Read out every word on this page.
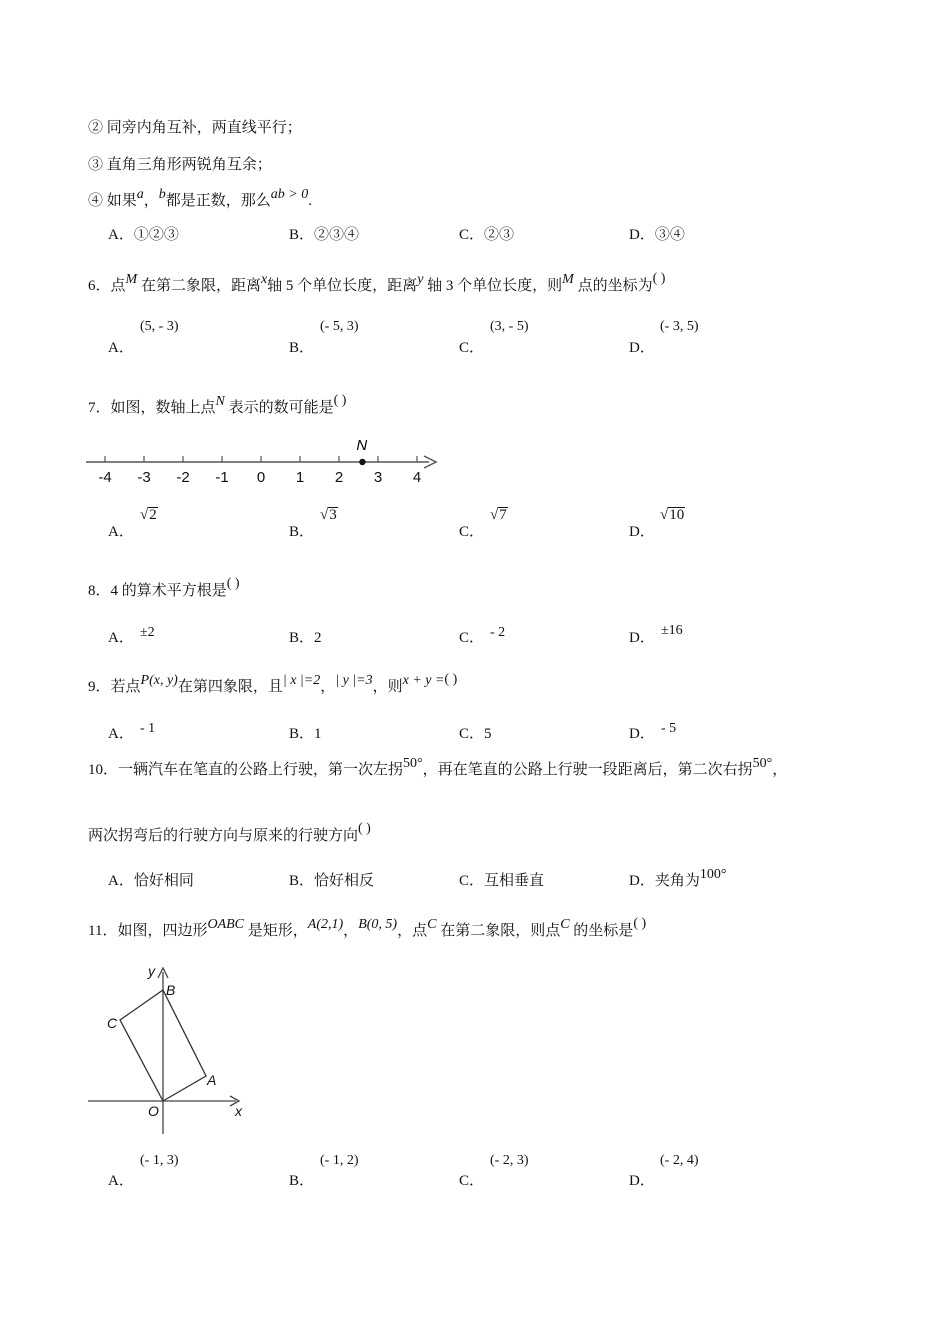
② 同旁内角互补，两直线平行；
③ 直角三角形两锐角互余；
④ 如果a，b都是正数，那么ab > 0.
A．①②③	B．②③④	C．②③	D．③④
6．点M 在第二象限，距离x轴 5 个单位长度，距离y 轴 3 个单位长度，则M 点的坐标为( )
(5, - 3)
A．
(- 5, 3)
B．
(3, - 5)
C．
(- 3, 5)
D．
7．如图，数轴上点N 表示的数可能是( )
-4 -3 -2 -1 0 1 2 3 4
N
√2
A．
√3
B．
√7
C．
√10
D．
8．4 的算术平方根是( )
A． ±2	B．2	C． - 2	D． ±16
9．若点P(x, y)在第四象限，且| x |=2，| y |=3，则x + y =( )
A． - 1	B．1	C．5	D． - 5
10．一辆汽车在笔直的公路上行驶，第一次左拐50°，再在笔直的公路上行驶一段距离后，第二次右拐50°，
两次拐弯后的行驶方向与原来的行驶方向( )
A．恰好相同	B．恰好相反	C．互相垂直	D．夹角为100°
11．如图，四边形OABC 是矩形，A(2,1)，B(0, 5)，点C 在第二象限，则点C 的坐标是( )
y
B
C
A
O	x
(- 1, 3)
A．
(- 1, 2)
B．
(- 2, 3)
C．
(- 2, 4)
D．
